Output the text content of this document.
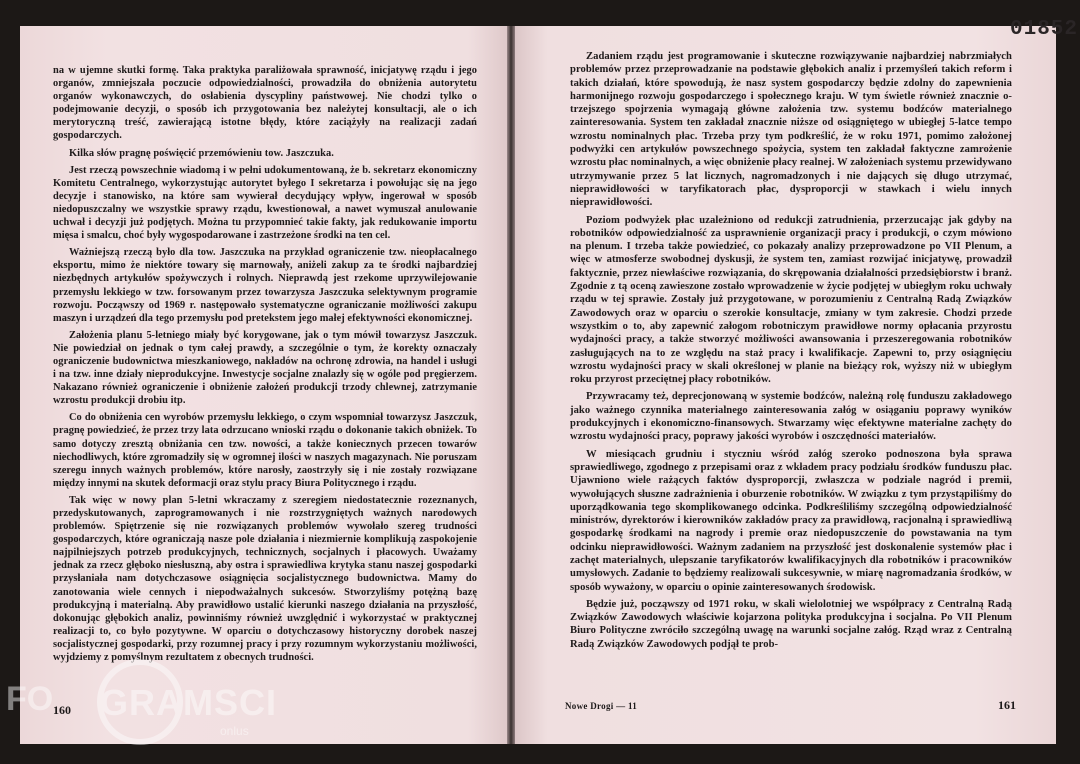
na w ujemne skutki formę. Taka praktyka paraliżowała sprawność, inicjatywę rządu i jego organów, zmniejszała poczucie odpowiedzialności, prowadziła do obniżenia autorytetu organów wykonawczych, do osłabienia dyscypliny państwowej. Nie chodzi tylko o podejmowanie decyzji, o sposób ich przygotowania bez należytej konsultacji, ale o ich merytoryczną treść, zawierającą istotne błędy, które zaciążyły na realizacji zadań gospodarczych.

Kilka słów pragnę poświęcić przemówieniu tow. Jaszczuka.

Jest rzeczą powszechnie wiadomą i w pełni udokumentowaną, że b. sekretarz ekonomiczny Komitetu Centralnego, wykorzystując autorytet byłego I sekretarza i powołując się na jego decyzje i stanowisko, na które sam wywierał decydujący wpływ, ingerował w sposób niedopuszczalny we wszystkie sprawy rządu, kwestionował, a nawet wymuszał anulowanie uchwał i decyzji już podjętych. Można tu przypomnieć takie fakty, jak redukowanie importu mięsa i smalcu, choć były wygospodarowane i zastrzeżone środki na ten cel.

Ważniejszą rzeczą było dla tow. Jaszczuka na przykład ograniczenie tzw. nieopłacalnego eksportu, mimo że niektóre towary się marnowały, aniżeli zakup za te środki najbardziej niezbędnych artykułów spożywczych i rolnych. Nieprawdą jest rzekome uprzywilejowanie przemysłu lekkiego w tzw. forsowanym przez towarzysza Jaszczuka selektywnym programie rozwoju. Począwszy od 1969 r. następowało systematyczne ograniczanie możliwości zakupu maszyn i urządzeń dla tego przemysłu pod pretekstem jego małej efektywności ekonomicznej.

Założenia planu 5-letniego miały być korygowane, jak o tym mówił towarzysz Jaszczuk. Nie powiedział on jednak o tym całej prawdy, a szczególnie o tym, że korekty oznaczały ograniczenie budownictwa mieszkaniowego, nakładów na ochronę zdrowia, na handel i usługi i na tzw. inne działy nieprodukcyjne. Inwestycje socjalne znalazły się w ogóle pod pręgierzem. Nakazano również ograniczenie i obniżenie założeń produkcji trzody chlewnej, zatrzymanie wzrostu produkcji drobiu itp.

Co do obniżenia cen wyrobów przemysłu lekkiego, o czym wspomniał towarzysz Jaszczuk, pragnę powiedzieć, że przez trzy lata odrzucano wnioski rządu o dokonanie takich obniżek. To samo dotyczy zresztą obniżania cen tzw. nowości, a także koniecznych przecen towarów niechodliwych, które zgromadziły się w ogromnej ilości w naszych magazynach. Nie poruszam szeregu innych ważnych problemów, które narosły, zaostrzyły się i nie zostały rozwiązane między innymi na skutek deformacji oraz stylu pracy Biura Politycznego i rządu.

Tak więc w nowy plan 5-letni wkraczamy z szeregiem niedostatecznie rozeznanych, przedyskutowanych, zaprogramowanych i nie rozstrzygniętych ważnych narodowych problemów. Spiętrzenie się nie rozwiązanych problemów wywołało szereg trudności gospodarczych, które ograniczają nasze pole działania i niezmiernie komplikują zaspokojenie najpilniejszych potrzeb produkcyjnych, technicznych, socjalnych i płacowych. Uważamy jednak za rzecz głęboko niesłuszną, aby ostra i sprawiedliwa krytyka stanu naszej gospodarki przysłaniała nam dotychczasowe osiągnięcia socjalistycznego budownictwa. Mamy do zanotowania wiele cennych i niepodważalnych sukcesów. Stworzyliśmy potężną bazę produkcyjną i materialną. Aby prawidłowo ustalić kierunki naszego działania na przyszłość, dokonując głębokich analiz, powinniśmy również uwzględnić i wykorzystać w praktycznej realizacji to, co było pozytywne. W oparciu o dotychczasowy historyczny dorobek naszej socjalistycznej gospodarki, przy rozumnej pracy i przy rozumnym wykorzystaniu możliwości, wyjdziemy z pomyślnym rezultatem z obecnych trudności.

160

Zadaniem rządu jest programowanie i skuteczne rozwiązywanie najbardziej nabrzmiałych problemów przez przeprowadzanie na podstawie głębokich analiz i przemyśleń takich reform i takich działań, które spowodują, że nasz system gospodarczy będzie zdolny do zapewnienia harmonijnego rozwoju gospodarczego i społecznego kraju. W tym świetle również znacznie o-trzejszego spojrzenia wymagają główne założenia tzw. systemu bodźców materialnego zainteresowania. System ten zakładał znacznie niższe od osiągniętego w ubiegłej 5-latce tempo wzrostu nominalnych płac. Trzeba przy tym podkreślić, że w roku 1971, pomimo założonej podwyżki cen artykułów powszechnego spożycia, system ten zakładał faktyczne zamrożenie wzrostu płac nominalnych, a więc obniżenie płacy realnej. W założeniach systemu przewidywano utrzymywanie przez 5 lat licznych, nagromadzonych i nie dających się długo utrzymać, nieprawidłowości w taryfikatorach płac, dysproporcji w stawkach i wielu innych nieprawidłowości.

Poziom podwyżek płac uzależniono od redukcji zatrudnienia, przerzucając jak gdyby na robotników odpowiedzialność za usprawnienie organizacji pracy i produkcji, o czym mówiono na plenum. I trzeba także powiedzieć, co pokazały analizy przeprowadzone po VII Plenum, a więc w atmosferze swobodnej dyskusji, że system ten, zamiast rozwijać inicjatywę, prowadził faktycznie, przez niewłaściwe rozwiązania, do skrępowania działalności przedsiębiorstw i branż. Zgodnie z tą oceną zawieszone zostało wprowadzenie w życie podjętej w ubiegłym roku uchwały rządu w tej sprawie. Zostały już przygotowane, w porozumieniu z Centralną Radą Związków Zawodowych oraz w oparciu o szerokie konsultacje, zmiany w tym zakresie. Chodzi przede wszystkim o to, aby zapewnić załogom robotniczym prawidłowe normy opłacania przyrostu wydajności pracy, a także stworzyć możliwości awansowania i przeszeregowania robotników zasługujących na to ze względu na staż pracy i kwalifikacje. Zapewni to, przy osiągnięciu wzrostu wydajności pracy w skali określonej w planie na bieżący rok, wyższy niż w ubiegłym roku przyrost przeciętnej płacy robotników.

Przywracamy też, deprecjonowaną w systemie bodźców, należną rolę funduszu zakładowego jako ważnego czynnika materialnego zainteresowania załóg w osiąganiu poprawy wyników produkcyjnych i ekonomiczno-finansowych. Stwarzamy więc efektywne materialne zachęty do wzrostu wydajności pracy, poprawy jakości wyrobów i oszczędności materiałów.

W miesiącach grudniu i styczniu wśród załóg szeroko podnoszona była sprawa sprawiedliwego, zgodnego z przepisami oraz z wkładem pracy podziału środków funduszu płac. Ujawniono wiele rażących faktów dysproporcji, zwłaszcza w podziale nagród i premii, wywołujących słuszne zadrażnienia i oburzenie robotników. W związku z tym przystąpiliśmy do uporządkowania tego skomplikowanego odcinka. Podkreśliliśmy szczególną odpowiedzialność ministrów, dyrektorów i kierowników zakładów pracy za prawidłową, racjonalną i sprawiedliwą gospodarkę środkami na nagrody i premie oraz niedopuszczenie do powstawania na tym odcinku nieprawidłowości. Ważnym zadaniem na przyszłość jest doskonalenie systemów płac i zachęt materialnych, ulepszanie taryfikatorów kwalifikacyjnych dla robotników i pracowników umysłowych. Zadanie to będziemy realizowali sukcesywnie, w miarę nagromadzania środków, w sposób wyważony, w oparciu o opinie zainteresowanych środowisk.

Będzie już, począwszy od 1971 roku, w skali wielolotniej we współpracy z Centralną Radą Związków Zawodowych właściwie kojarzona polityka produkcyjna i socjalna. Po VII Plenum Biuro Polityczne zwróciło szczególną uwagę na warunki socjalne załóg. Rząd wraz z Centralną Radą Związków Zawodowych podjął te prob-

Nowe Drogi — 11	161
01852
FO GRAMSCI
onlus
